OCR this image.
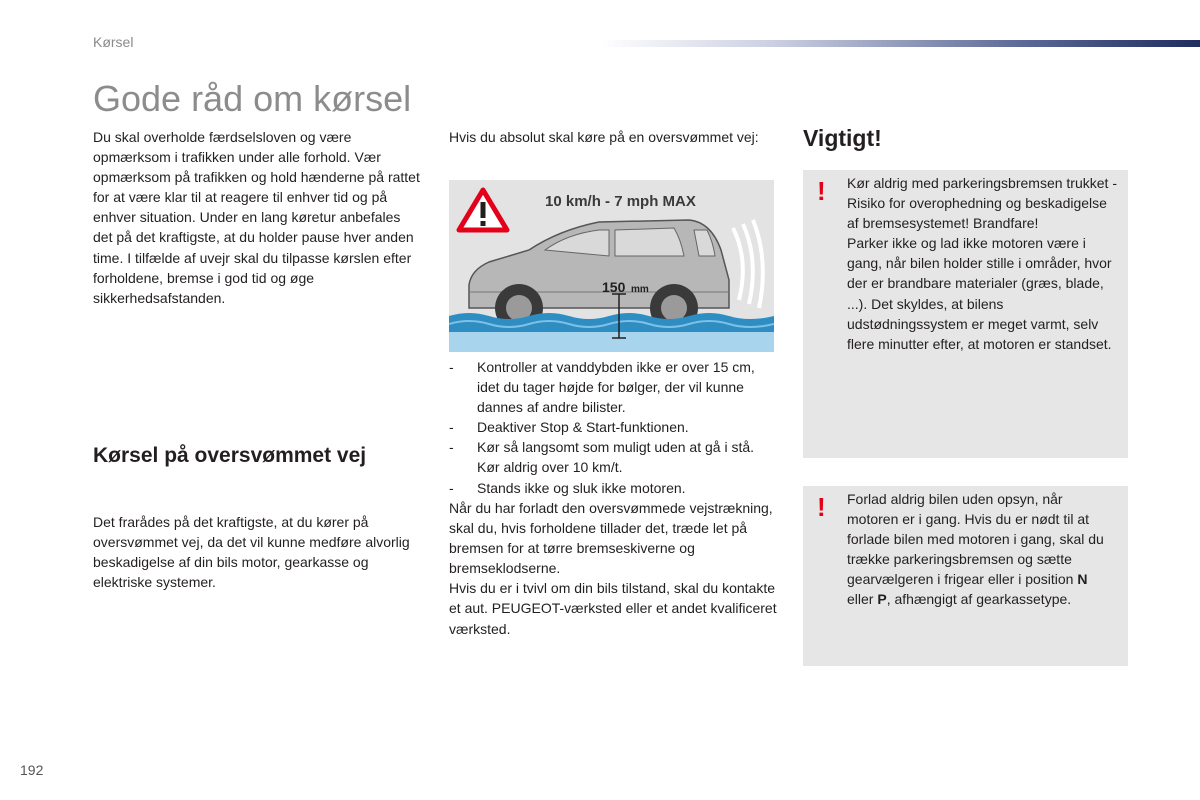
Kørsel
Gode råd om kørsel

Du skal overholde færdselsloven og være opmærksom i trafikken under alle forhold. Vær opmærksom på trafikken og hold hænderne på rattet for at være klar til at reagere til enhver tid og på enhver situation. Under en lang køretur anbefales det på det kraftigste, at du holder pause hver anden time. I tilfælde af uvejr skal du tilpasse kørslen efter forholdene, bremse i god tid og øge sikkerhedsafstanden.

Kørsel på oversvømmet vej

Det frarådes på det kraftigste, at du kører på oversvømmet vej, da det vil kunne medføre alvorlig beskadigelse af din bils motor, gearkasse og elektriske systemer.

Hvis du absolut skal køre på en oversvømmet vej:

10 km/h - 7 mph MAX
150 mm
- Kontroller at vanddybden ikke er over 15 cm, idet du tager højde for bølger, der vil kunne dannes af andre bilister.
- Deaktiver Stop & Start-funktionen.
- Kør så langsomt som muligt uden at gå i stå. Kør aldrig over 10 km/t.
- Stands ikke og sluk ikke motoren.

Når du har forladt den oversvømmede vejstrækning, skal du, hvis forholdene tillader det, træde let på bremsen for at tørre bremseskiverne og bremseklodserne.

Hvis du er i tvivl om din bils tilstand, skal du kontakte et aut. PEUGEOT-værksted eller et andet kvalificeret værksted.

Vigtigt!
! Kør aldrig med parkeringsbremsen trukket - Risiko for overophedning og beskadigelse af bremsesystemet! Brandfare!

Parker ikke og lad ikke motoren være i gang, når bilen holder stille i områder, hvor der er brandbare materialer (græs, blade, ...). Det skyldes, at bilens udstødningssystem er meget varmt, selv flere minutter efter, at motoren er standset.

! Forlad aldrig bilen uden opsyn, når motoren er i gang. Hvis du er nødt til at forlade bilen med motoren i gang, skal du trække parkeringsbremsen og sætte gearvælgeren i frigear eller i position N eller P, afhængigt af gearkassetype.

192
